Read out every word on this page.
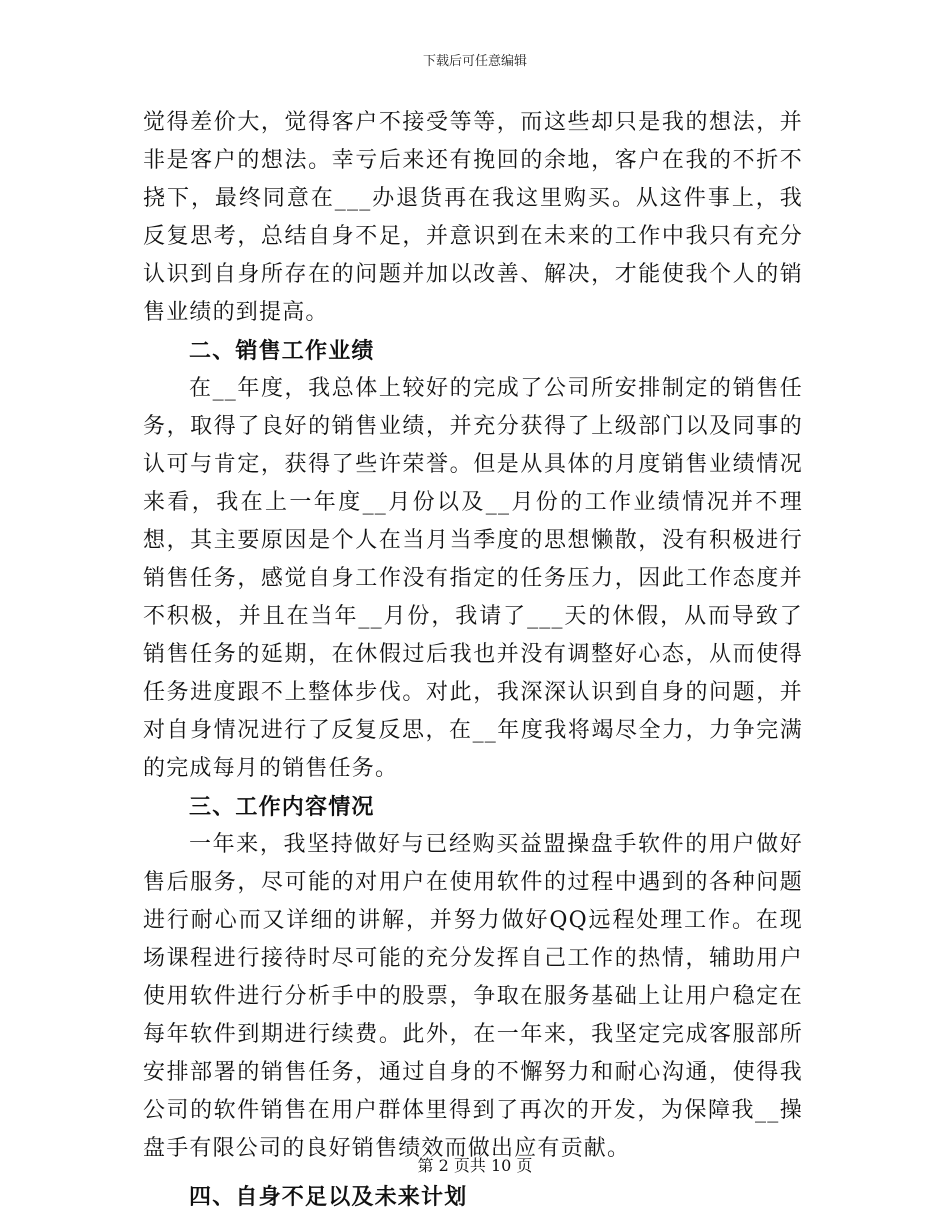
下载后可任意编辑

觉得差价大，觉得客户不接受等等，而这些却只是我的想法，并非是客户的想法。幸亏后来还有挽回的余地，客户在我的不折不挠下，最终同意在___办退货再在我这里购买。从这件事上，我反复思考，总结自身不足，并意识到在未来的工作中我只有充分认识到自身所存在的问题并加以改善、解决，才能使我个人的销售业绩的到提高。

二、销售工作业绩

在__年度，我总体上较好的完成了公司所安排制定的销售任务，取得了良好的销售业绩，并充分获得了上级部门以及同事的认可与肯定，获得了些许荣誉。但是从具体的月度销售业绩情况来看，我在上一年度__月份以及__月份的工作业绩情况并不理想，其主要原因是个人在当月当季度的思想懒散，没有积极进行销售任务，感觉自身工作没有指定的任务压力，因此工作态度并不积极，并且在当年__月份，我请了___天的休假，从而导致了销售任务的延期，在休假过后我也并没有调整好心态，从而使得任务进度跟不上整体步伐。对此，我深深认识到自身的问题，并对自身情况进行了反复反思，在__年度我将竭尽全力，力争完满的完成每月的销售任务。

三、工作内容情况

一年来，我坚持做好与已经购买益盟操盘手软件的用户做好售后服务，尽可能的对用户在使用软件的过程中遇到的各种问题进行耐心而又详细的讲解，并努力做好QQ远程处理工作。在现场课程进行接待时尽可能的充分发挥自己工作的热情，辅助用户使用软件进行分析手中的股票，争取在服务基础上让用户稳定在每年软件到期进行续费。此外，在一年来，我坚定完成客服部所安排部署的销售任务，通过自身的不懈努力和耐心沟通，使得我公司的软件销售在用户群体里得到了再次的开发，为保障我__操盘手有限公司的良好销售绩效而做出应有贡献。

四、自身不足以及未来计划

第 2 页共 10 页
